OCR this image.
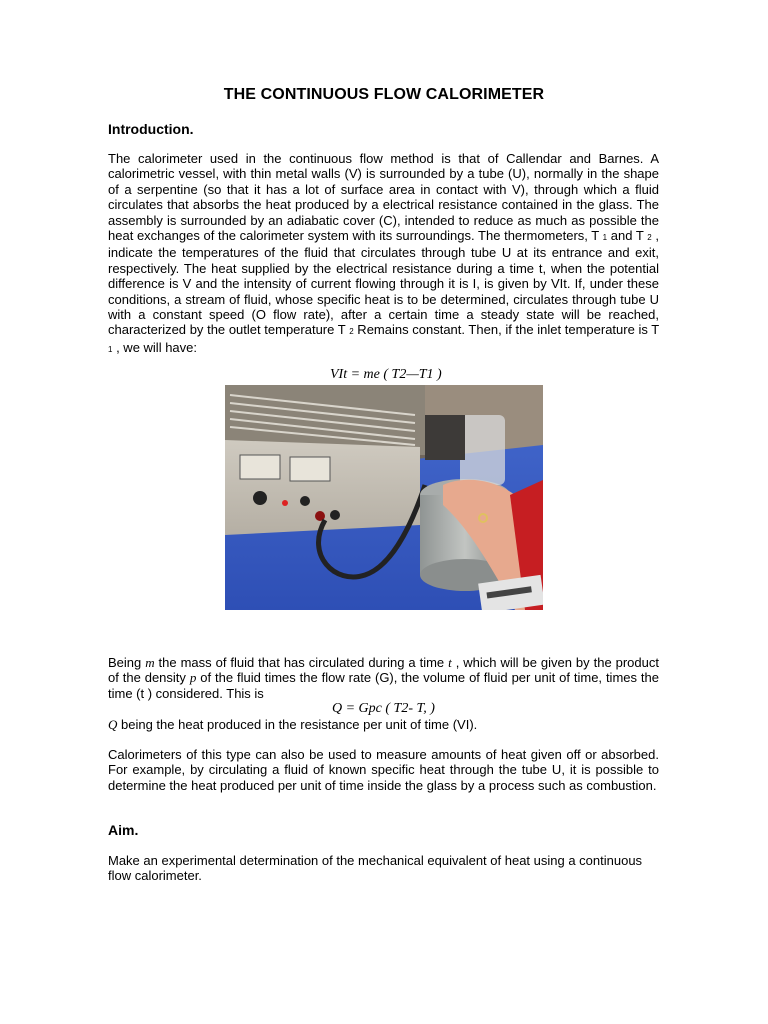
THE CONTINUOUS FLOW CALORIMETER
Introduction.
The calorimeter used in the continuous flow method is that of Callendar and Barnes. A calorimetric vessel, with thin metal walls (V) is surrounded by a tube (U), normally in the shape of a serpentine (so that it has a lot of surface area in contact with V), through which a fluid circulates that absorbs the heat produced by a electrical resistance contained in the glass. The assembly is surrounded by an adiabatic cover (C), intended to reduce as much as possible the heat exchanges of the calorimeter system with its surroundings. The thermometers, T 1 and T 2 , indicate the temperatures of the fluid that circulates through tube U at its entrance and exit, respectively. The heat supplied by the electrical resistance during a time t, when the potential difference is V and the intensity of current flowing through it is I, is given by VIt. If, under these conditions, a stream of fluid, whose specific heat is to be determined, circulates through tube U with a constant speed (O flow rate), after a certain time a steady state will be reached, characterized by the outlet temperature T 2 Remains constant. Then, if the inlet temperature is T 1 , we will have:
VIt = me ( T2—T1 )
Being m the mass of fluid that has circulated during a time t , which will be given by the product of the density p of the fluid times the flow rate (G), the volume of fluid per unit of time, times the time (t ) considered. This is
Q = Gpc ( T2- T, )
Q being the heat produced in the resistance per unit of time (VI).
Calorimeters of this type can also be used to measure amounts of heat given off or absorbed. For example, by circulating a fluid of known specific heat through the tube U, it is possible to determine the heat produced per unit of time inside the glass by a process such as combustion.
Aim.
Make an experimental determination of the mechanical equivalent of heat using a continuous flow calorimeter.
